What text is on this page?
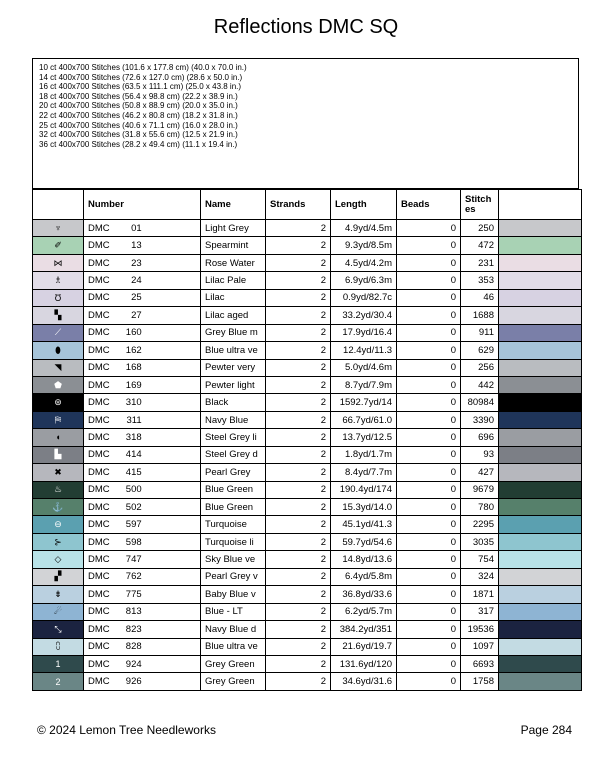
Reflections DMC SQ
10 ct 400x700 Stitches (101.6 x 177.8 cm) (40.0 x 70.0 in.)
14 ct 400x700 Stitches (72.6 x 127.0 cm) (28.6 x 50.0 in.)
16 ct 400x700 Stitches (63.5 x 111.1 cm) (25.0 x 43.8 in.)
18 ct 400x700 Stitches (56.4 x 98.8 cm) (22.2 x 38.9 in.)
20 ct 400x700 Stitches (50.8 x 88.9 cm) (20.0 x 35.0 in.)
22 ct 400x700 Stitches (46.2 x 80.8 cm) (18.2 x 31.8 in.)
25 ct 400x700 Stitches (40.6 x 71.1 cm) (16.0 x 28.0 in.)
32 ct 400x700 Stitches (31.8 x 55.6 cm) (12.5 x 21.9 in.)
36 ct 400x700 Stitches (28.2 x 49.4 cm) (11.1 x 19.4 in.)
	Number	Name	Strands	Length	Beads	Stitch es	
♆	DMC 01	Light Grey	2	4.9yd/4.5m	0	250	
✐	DMC 13	Spearmint	2	9.3yd/8.5m	0	472	
⋈	DMC 23	Rose Water	2	4.5yd/4.2m	0	231	
♗	DMC 24	Lilac Pale	2	6.9yd/6.3m	0	353	
Ʊ	DMC 25	Lilac	2	0.9yd/82.7c	0	46	
▚	DMC 27	Lilac aged	2	33.2yd/30.4	0	1688	
⟋	DMC 160	Grey Blue m	2	17.9yd/16.4	0	911	
⬮	DMC 162	Blue ultra ve	2	12.4yd/11.3	0	629	
◥	DMC 168	Pewter very	2	5.0yd/4.6m	0	256	
⬟	DMC 169	Pewter light	2	8.7yd/7.9m	0	442	
⊛	DMC 310	Black	2	1592.7yd/14	0	80984	
⛿	DMC 311	Navy Blue	2	66.7yd/61.0	0	3390	
◖	DMC 318	Steel Grey li	2	13.7yd/12.5	0	696	
▙	DMC 414	Steel Grey d	2	1.8yd/1.7m	0	93	
✖	DMC 415	Pearl Grey	2	8.4yd/7.7m	0	427	
♨	DMC 500	Blue Green	2	190.4yd/174	0	9679	
⚓	DMC 502	Blue Green	2	15.3yd/14.0	0	780	
⊖	DMC 597	Turquoise	2	45.1yd/41.3	0	2295	
⊱	DMC 598	Turquoise li	2	59.7yd/54.6	0	3035	
◇	DMC 747	Sky Blue ve	2	14.8yd/13.6	0	754	
▞	DMC 762	Pearl Grey v	2	6.4yd/5.8m	0	324	
⇟	DMC 775	Baby Blue v	2	36.8yd/33.6	0	1871	
☄	DMC 813	Blue - LT	2	6.2yd/5.7m	0	317	
⤡	DMC 823	Navy Blue d	2	384.2yd/351	0	19536	
⩇	DMC 828	Blue ultra ve	2	21.6yd/19.7	0	1097	
1	DMC 924	Grey Green	2	131.6yd/120	0	6693	
2	DMC 926	Grey Green	2	34.6yd/31.6	0	1758	
© 2024 Lemon Tree Needleworks	Page 284
